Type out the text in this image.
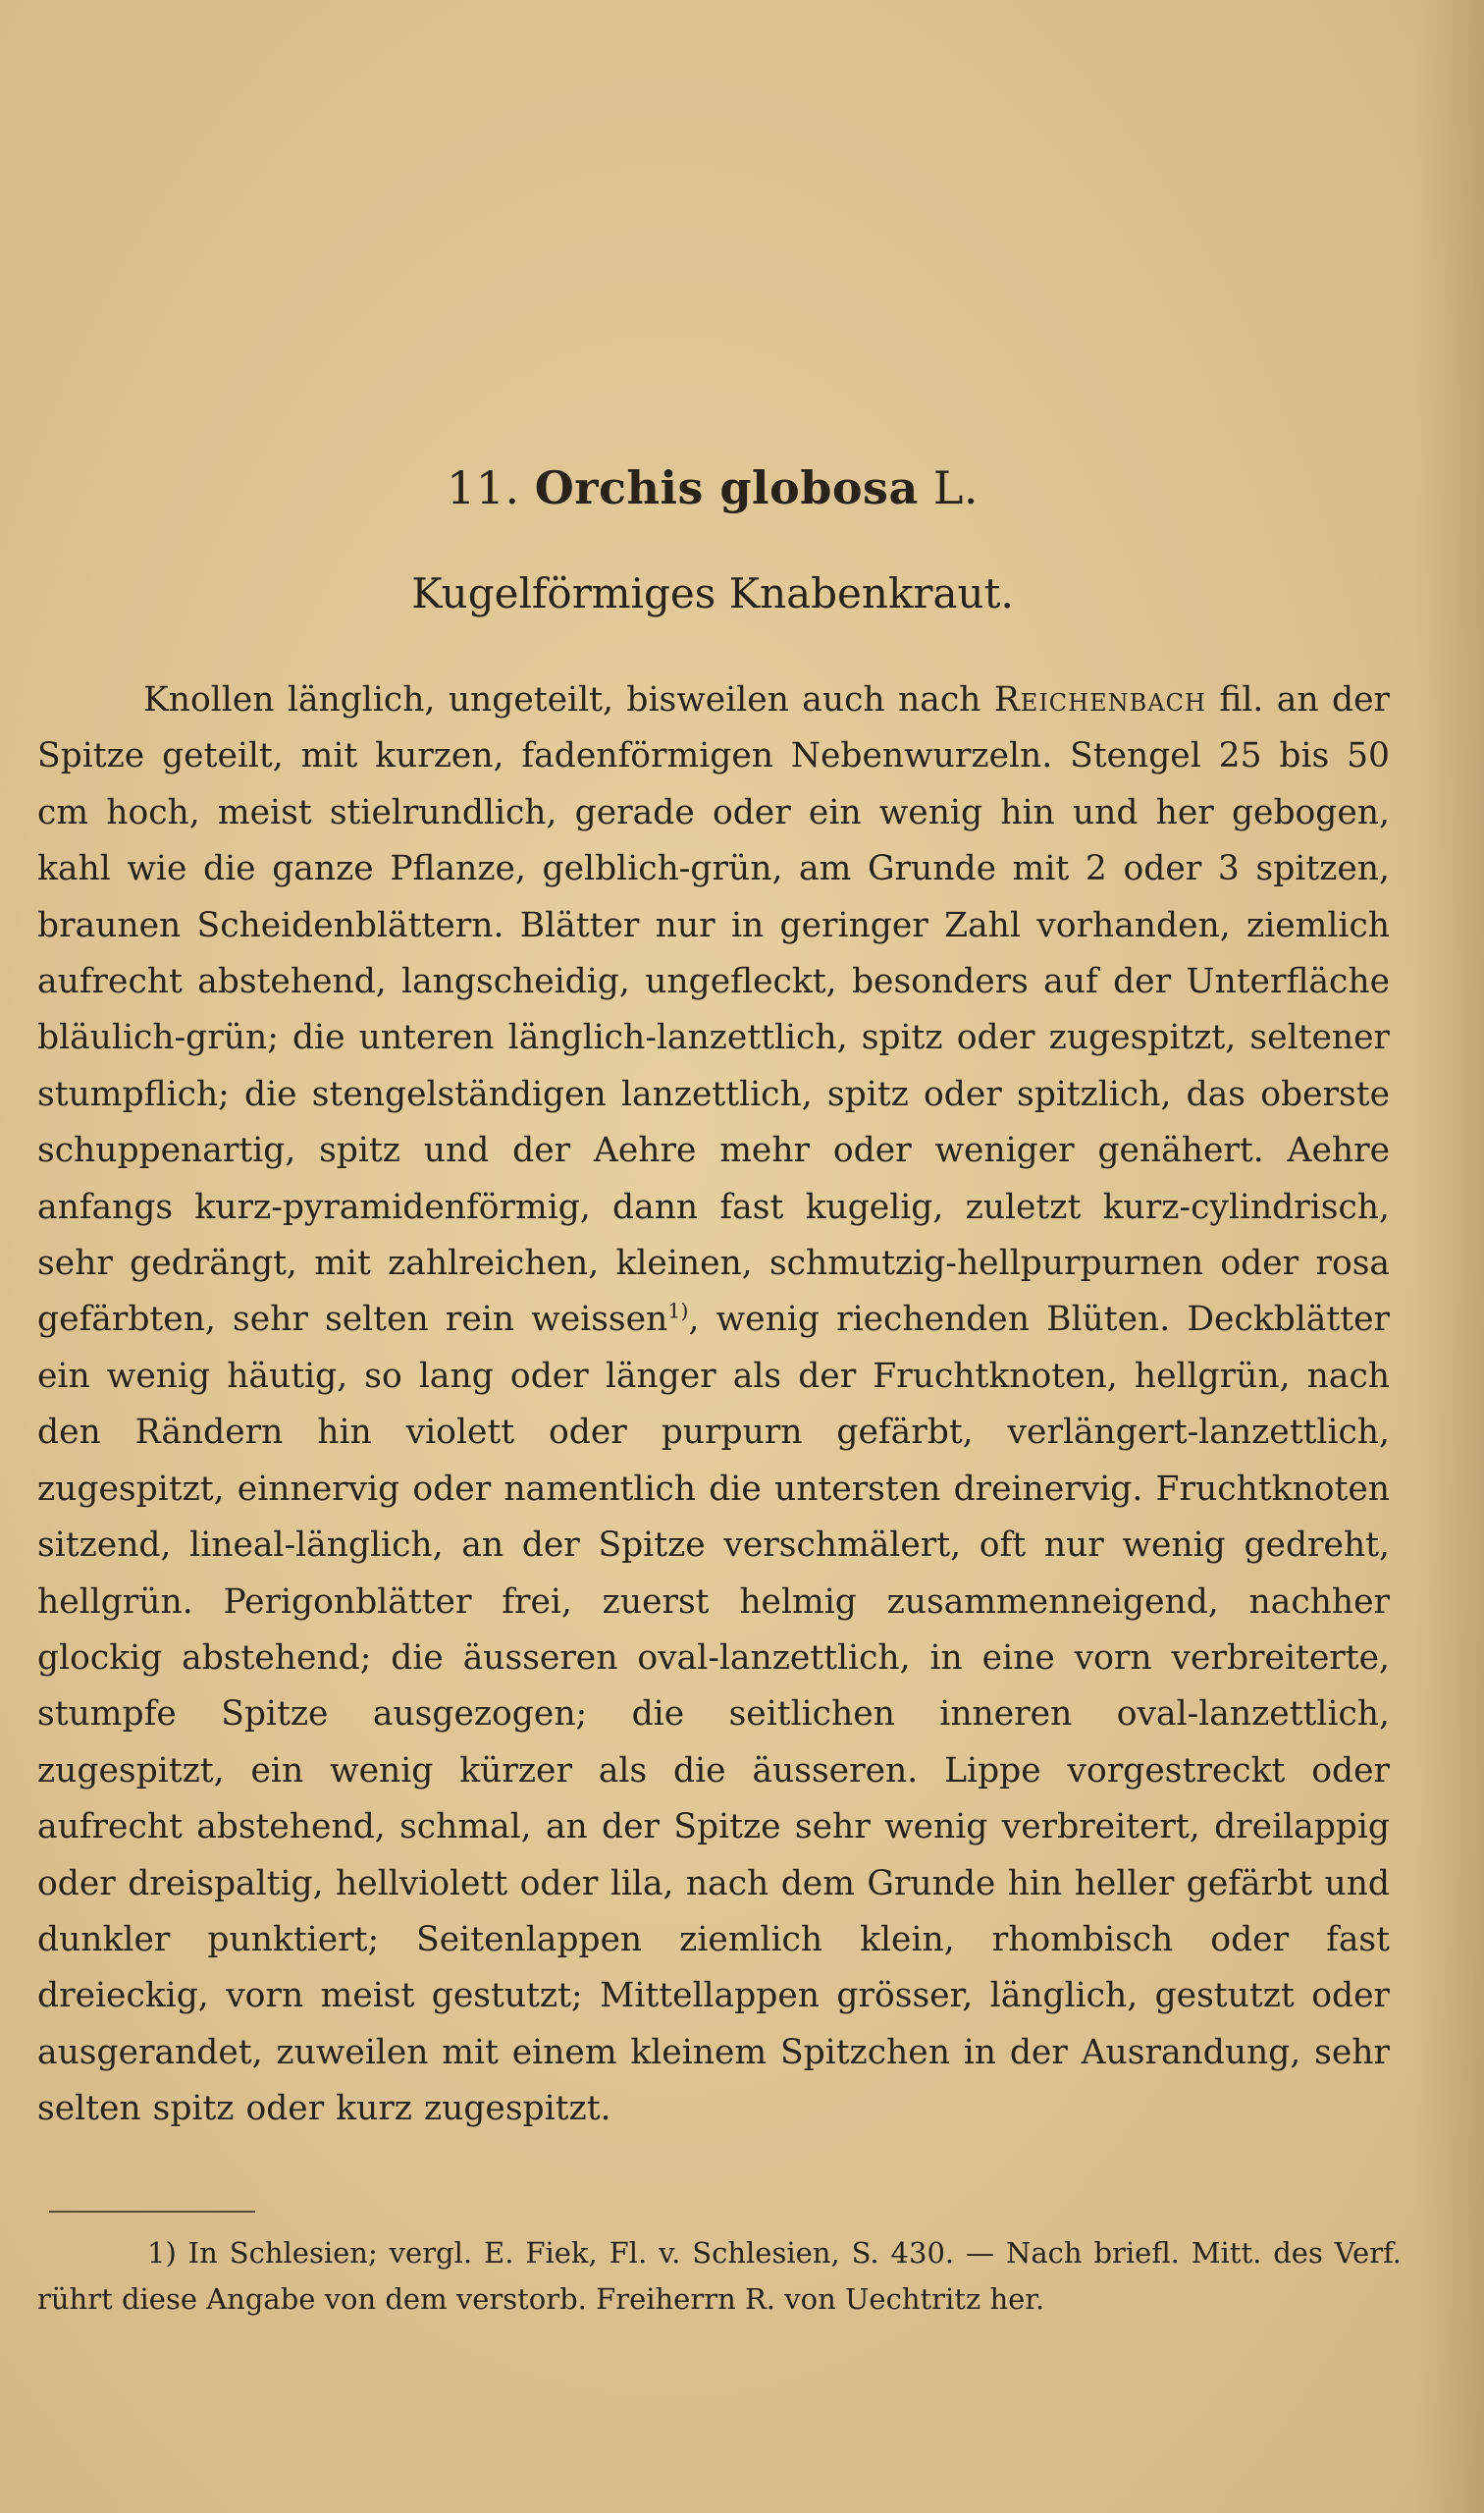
11. Orchis globosa L.
Kugelförmiges Knabenkraut.
Knollen länglich, ungeteilt, bisweilen auch nach Reichenbach fil. an der Spitze geteilt, mit kurzen, fadenförmigen Nebenwurzeln. Stengel 25 bis 50 cm hoch, meist stielrundlich, gerade oder ein wenig hin und her gebogen, kahl wie die ganze Pflanze, gelblich-grün, am Grunde mit 2 oder 3 spitzen, braunen Scheidenblättern. Blätter nur in geringer Zahl vorhanden, ziemlich aufrecht abstehend, langscheidig, ungefleckt, besonders auf der Unterfläche bläulich-grün; die unteren länglich-lanzettlich, spitz oder zugespitzt, seltener stumpflich; die stengelständigen lanzettlich, spitz oder spitzlich, das oberste schuppenartig, spitz und der Aehre mehr oder weniger genähert. Aehre anfangs kurz-pyramidenförmig, dann fast kugelig, zuletzt kurz-cylindrisch, sehr gedrängt, mit zahlreichen, kleinen, schmutzig-hellpurpurnen oder rosa gefärbten, sehr selten rein weissen$^{1)}$, wenig riechenden Blüten. Deckblätter ein wenig häutig, so lang oder länger als der Fruchtknoten, hellgrün, nach den Rändern hin violett oder purpurn gefärbt, verlängert-lanzettlich, zugespitzt, einnervig oder namentlich die untersten dreinervig. Fruchtknoten sitzend, lineal-länglich, an der Spitze verschmälert, oft nur wenig gedreht, hellgrün. Perigonblätter frei, zuerst helmig zusammenneigend, nachher glockig abstehend; die äusseren oval-lanzettlich, in eine vorn verbreiterte, stumpfe Spitze ausgezogen; die seitlichen inneren oval-lanzettlich, zugespitzt, ein wenig kürzer als die äusseren. Lippe vorgestreckt oder aufrecht abstehend, schmal, an der Spitze sehr wenig verbreitert, dreilappig oder dreispaltig, hellviolett oder lila, nach dem Grunde hin heller gefärbt und dunkler punktiert; Seitenlappen ziemlich klein, rhombisch oder fast dreieckig, vorn meist gestutzt; Mittellappen grösser, länglich, gestutzt oder ausgerandet, zuweilen mit einem kleinem Spitzchen in der Ausrandung, sehr selten spitz oder kurz zugespitzt.
1) In Schlesien; vergl. E. Fiek, Fl. v. Schlesien, S. 430. — Nach briefl. Mitt. des Verf. rührt diese Angabe von dem verstorb. Freiherrn R. von Uechtritz her.
